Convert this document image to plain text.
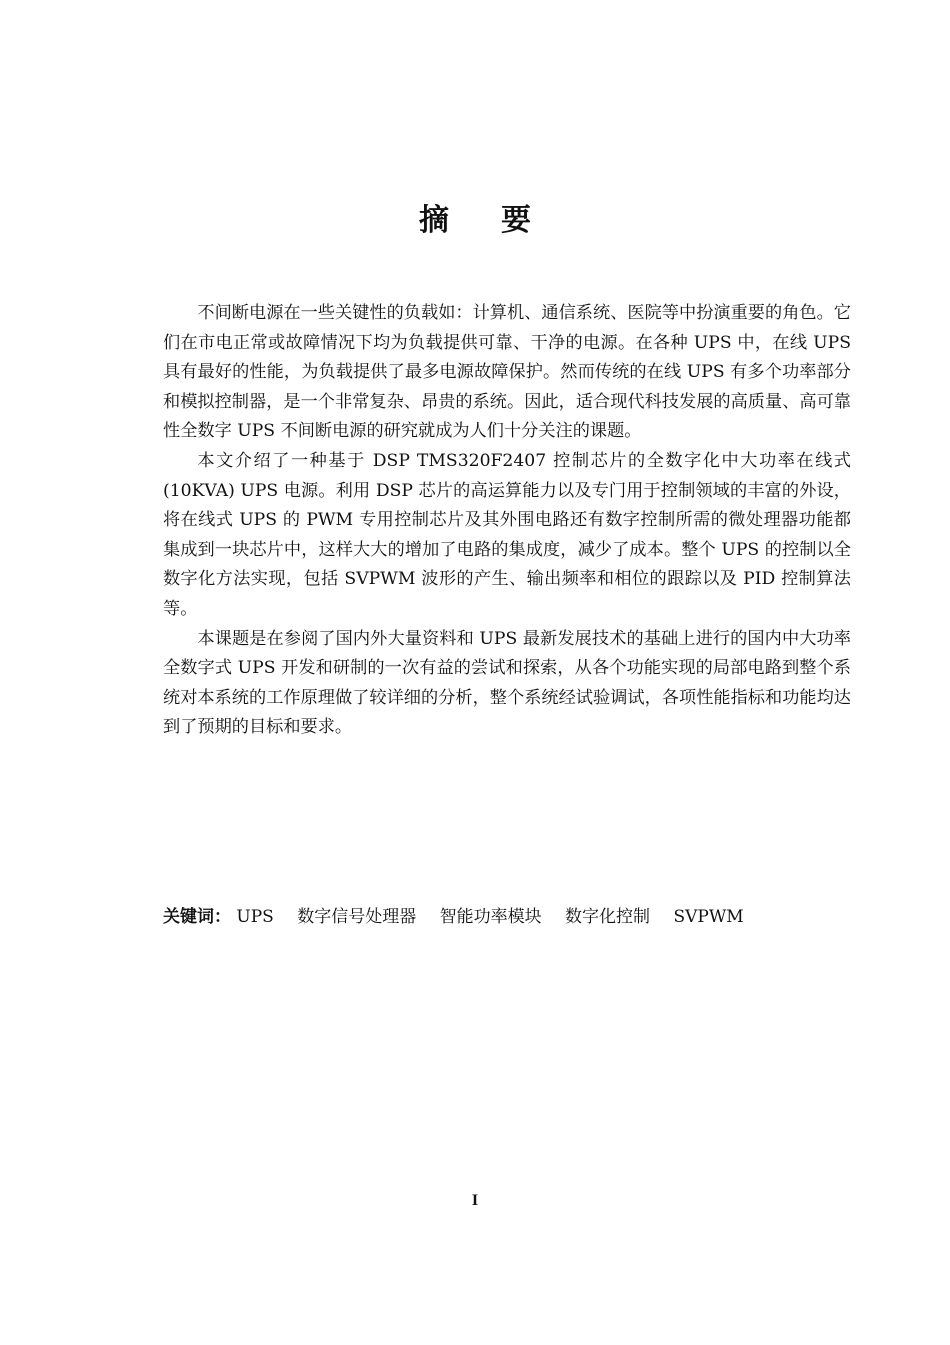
摘要

不间断电源在一些关键性的负载如：计算机、通信系统、医院等中扮演重要的角色。它们在市电正常或故障情况下均为负载提供可靠、干净的电源。在各种 UPS 中，在线 UPS 具有最好的性能，为负载提供了最多电源故障保护。然而传统的在线 UPS 有多个功率部分和模拟控制器，是一个非常复杂、昂贵的系统。因此，适合现代科技发展的高质量、高可靠性全数字 UPS 不间断电源的研究就成为人们十分关注的课题。

本文介绍了一种基于 DSP TMS320F2407 控制芯片的全数字化中大功率在线式(10KVA) UPS 电源。利用 DSP 芯片的高运算能力以及专门用于控制领域的丰富的外设，将在线式 UPS 的 PWM 专用控制芯片及其外围电路还有数字控制所需的微处理器功能都集成到一块芯片中，这样大大的增加了电路的集成度，减少了成本。整个 UPS 的控制以全数字化方法实现，包括 SVPWM 波形的产生、输出频率和相位的跟踪以及 PID 控制算法等。

本课题是在参阅了国内外大量资料和 UPS 最新发展技术的基础上进行的国内中大功率全数字式 UPS 开发和研制的一次有益的尝试和探索，从各个功能实现的局部电路到整个系统对本系统的工作原理做了较详细的分析，整个系统经试验调试，各项性能指标和功能均达到了预期的目标和要求。

关键词： UPS 数字信号处理器 智能功率模块 数字化控制 SVPWM
I
